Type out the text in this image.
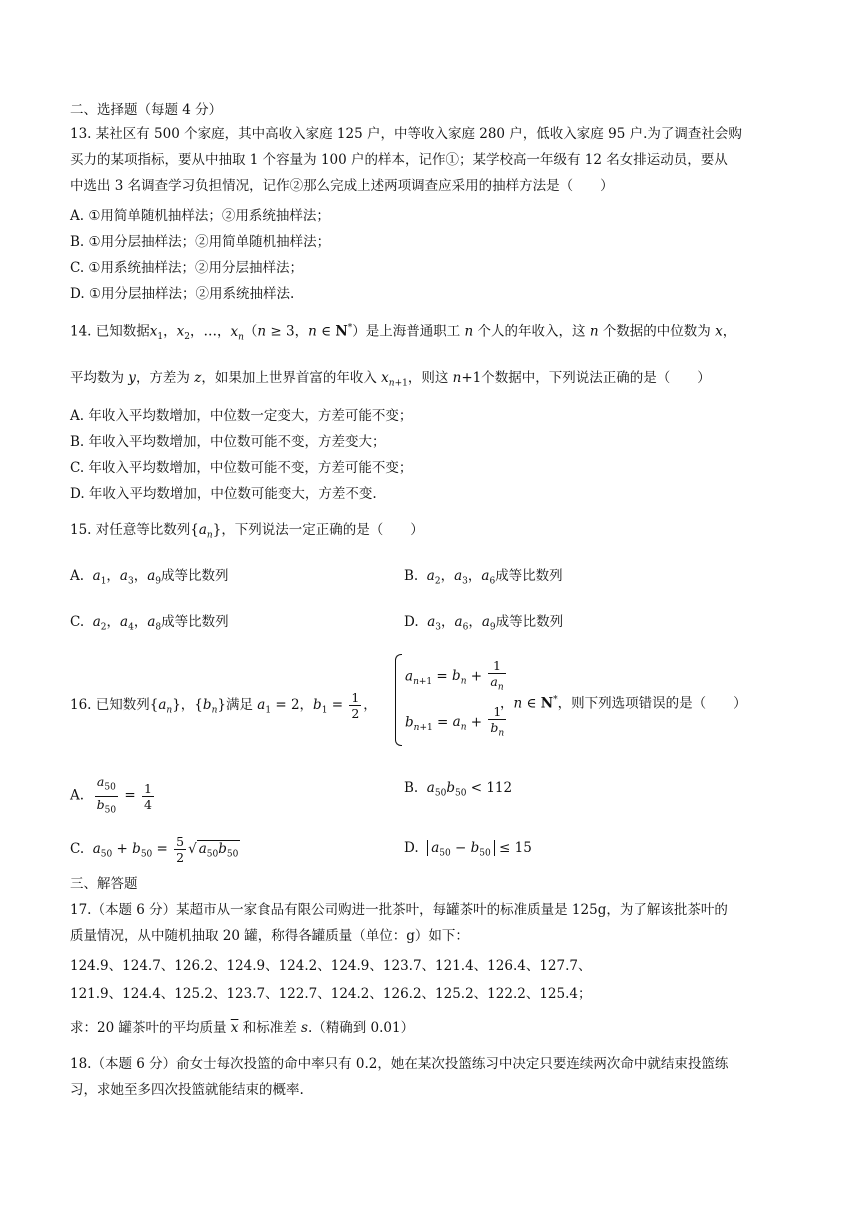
二、选择题（每题 4 分）
13. 某社区有 500 个家庭，其中高收入家庭 125 户，中等收入家庭 280 户，低收入家庭 95 户.为了调查社会购
买力的某项指标，要从中抽取 1 个容量为 100 户的样本，记作①；某学校高一年级有 12 名女排运动员，要从
中选出 3 名调查学习负担情况，记作②那么完成上述两项调查应采用的抽样方法是（　　）
A. ①用简单随机抽样法；②用系统抽样法；
B. ①用分层抽样法；②用简单随机抽样法；
C. ①用系统抽样法；②用分层抽样法；
D. ①用分层抽样法；②用系统抽样法.
14. 已知数据$x_1$，$x_2$，…，$x_n(n \ge 3$，n ∈ N*）是上海普通职工 n 个人的年收入，这 n 个数据的中位数为 x，
平均数为 y，方差为 z，如果加上世界首富的年收入 $x_{n+1}$，则这 n+1个数据中，下列说法正确的是（　　）
A. 年收入平均数增加，中位数一定变大，方差可能不变；
B. 年收入平均数增加，中位数可能不变，方差变大；
C. 年收入平均数增加，中位数可能不变，方差可能不变；
D. 年收入平均数增加，中位数可能变大，方差不变.
15. 对任意等比数列$\{a_n\}$，下列说法一定正确的是（　　）
A.  $a_1$，$a_3$，$a_9$成等比数列	B.  $a_2$，$a_3$，$a_6$成等比数列
C.  $a_2$，$a_4$，$a_8$成等比数列	D.  $a_3$，$a_6$，$a_9$成等比数列
16. 已知数列$\{a_n\}$，$\{b_n\}$满足 $a_1 = 2$，$b_1 = \frac{1}{2}$ ，
$a_{n+1} = b_n + \frac{1}{a_n}$
$b_{n+1} = a_n + \frac{1}{b_n}$
，n ∈ N*，则下列选项错误的是（　　）
A. $\frac{a_{50}}{b_{50}} = \frac{1}{4}$	B.  $a_{50}b_{50} < 112$
C.  $a_{50} + b_{50} = \frac{5}{2}$ √ $a_{50}b_{50}$	D.  $a_{50} - b_{50} \le 15$
三、解答题
17.（本题 6 分）某超市从一家食品有限公司购进一批茶叶，每罐茶叶的标准质量是 125g，为了解该批茶叶的
质量情况，从中随机抽取 20 罐，称得各罐质量（单位：g）如下：
124.9、124.7、126.2、124.9、124.2、124.9、123.7、121.4、126.4、127.7、
121.9、124.4、125.2、123.7、122.7、124.2、126.2、125.2、122.2、125.4；
求：20 罐茶叶的平均质量 $\overline{x}$ 和标准差 s.（精确到 0.01）
18.（本题 6 分）俞女士每次投篮的命中率只有 0.2，她在某次投篮练习中决定只要连续两次命中就结束投篮练
习，求她至多四次投篮就能结束的概率.
